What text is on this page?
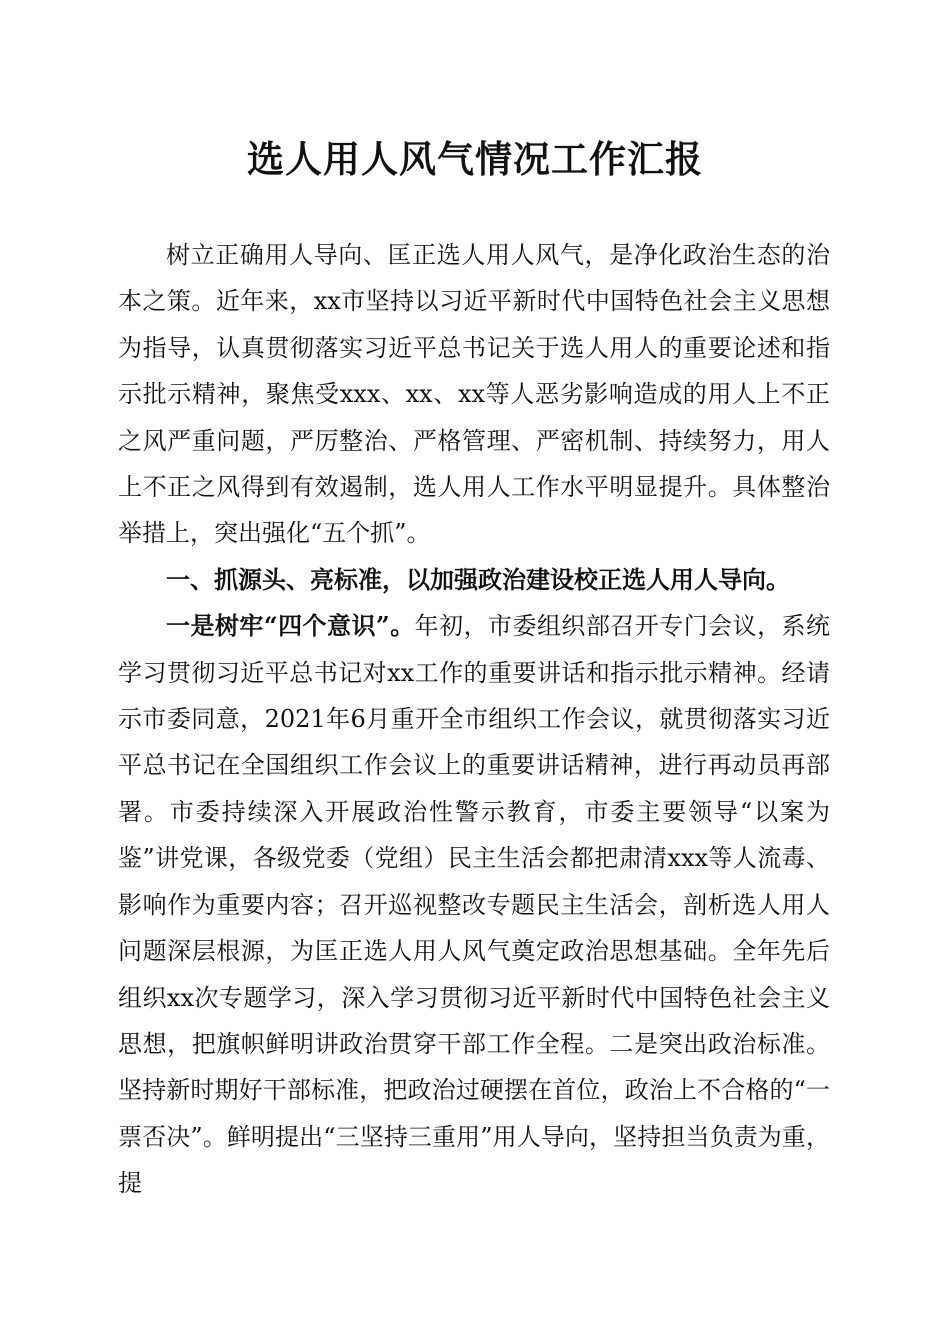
选人用人风气情况工作汇报

树立正确用人导向、匡正选人用人风气，是净化政治生态的治本之策。近年来，xx市坚持以习近平新时代中国特色社会主义思想为指导，认真贯彻落实习近平总书记关于选人用人的重要论述和指示批示精神，聚焦受xxx、xx、xx等人恶劣影响造成的用人上不正之风严重问题，严厉整治、严格管理、严密机制、持续努力，用人上不正之风得到有效遏制，选人用人工作水平明显提升。具体整治举措上，突出强化“五个抓”。

一、抓源头、亮标准，以加强政治建设校正选人用人导向。

一是树牢“四个意识”。年初，市委组织部召开专门会议，系统学习贯彻习近平总书记对xx工作的重要讲话和指示批示精神。经请示市委同意，2021年6月重开全市组织工作会议，就贯彻落实习近平总书记在全国组织工作会议上的重要讲话精神，进行再动员再部署。市委持续深入开展政治性警示教育，市委主要领导“以案为鉴”讲党课，各级党委（党组）民主生活会都把肃清xxx等人流毒、影响作为重要内容；召开巡视整改专题民主生活会，剖析选人用人问题深层根源，为匡正选人用人风气奠定政治思想基础。全年先后组织xx次专题学习，深入学习贯彻习近平新时代中国特色社会主义思想，把旗帜鲜明讲政治贯穿干部工作全程。二是突出政治标准。坚持新时期好干部标准，把政治过硬摆在首位，政治上不合格的“一票否决”。鲜明提出“三坚持三重用”用人导向，坚持担当负责为重，提
